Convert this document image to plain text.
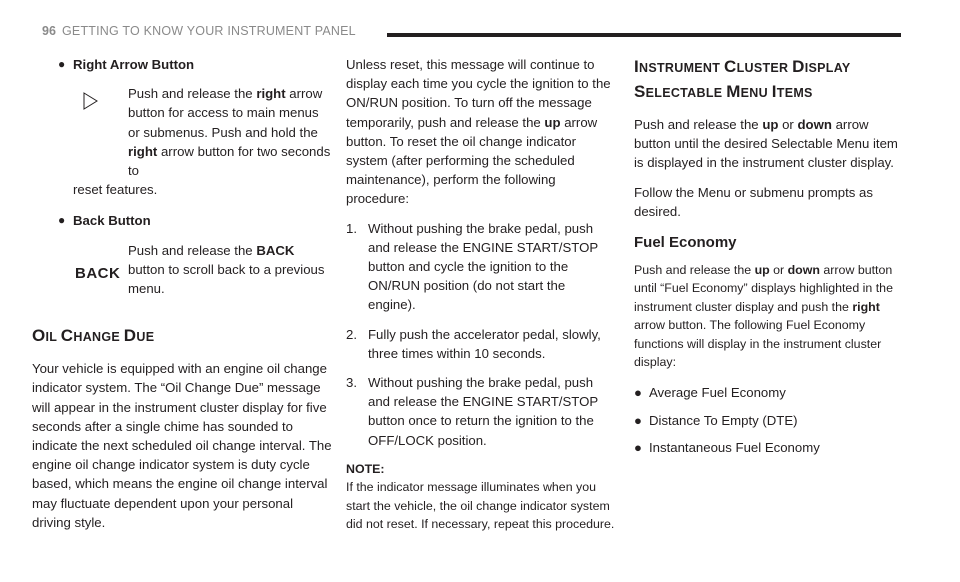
96 GETTING TO KNOW YOUR INSTRUMENT PANEL

● Right Arrow Button

Push and release the right arrow button for access to main menus or submenus. Push and hold the right arrow button for two seconds to

reset features.

● Back Button

BACK
Push and release the BACK button to scroll back to a previous menu.

OIL CHANGE DUE

Your vehicle is equipped with an engine oil change indicator system. The “Oil Change Due” message will appear in the instrument cluster display for five seconds after a single chime has sounded to indicate the next scheduled oil change interval. The engine oil change indicator system is duty cycle based, which means the engine oil change interval may fluctuate dependent upon your personal driving style.

Unless reset, this message will continue to display each time you cycle the ignition to the ON/RUN position. To turn off the message temporarily, push and release the up arrow button. To reset the oil change indicator system (after performing the scheduled maintenance), perform the following procedure:

1. Without pushing the brake pedal, push and release the ENGINE START/STOP button and cycle the ignition to the ON/RUN position (do not start the engine).
2. Fully push the accelerator pedal, slowly, three times within 10 seconds.
3. Without pushing the brake pedal, push and release the ENGINE START/STOP button once to return the ignition to the OFF/LOCK position.

NOTE:

If the indicator message illuminates when you start the vehicle, the oil change indicator system did not reset. If necessary, repeat this procedure.

INSTRUMENT CLUSTER DISPLAY
SELECTABLE MENU ITEMS

Push and release the up or down arrow button until the desired Selectable Menu item is displayed in the instrument cluster display.

Follow the Menu or submenu prompts as desired.

Fuel Economy

Push and release the up or down arrow button until “Fuel Economy” displays highlighted in the instrument cluster display and push the right arrow button. The following Fuel Economy functions will display in the instrument cluster display:

● Average Fuel Economy
● Distance To Empty (DTE)
● Instantaneous Fuel Economy
